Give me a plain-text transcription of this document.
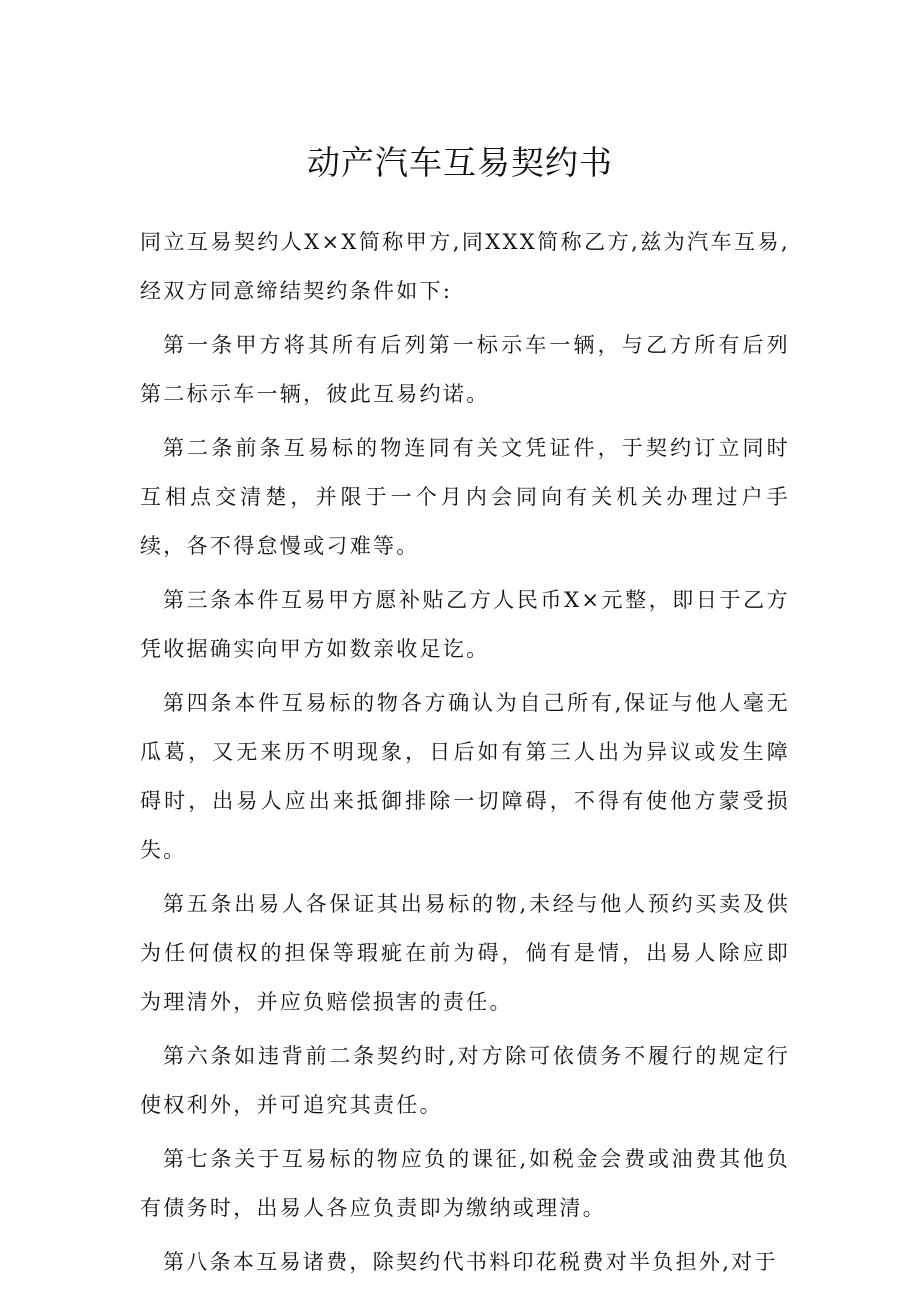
动产汽车互易契约书

同立互易契约人X×X简称甲方,同XXX简称乙方,兹为汽车互易,经双方同意缔结契约条件如下:

第一条甲方将其所有后列第一标示车一辆，与乙方所有后列第二标示车一辆，彼此互易约诺。

第二条前条互易标的物连同有关文凭证件，于契约订立同时互相点交清楚，并限于一个月内会同向有关机关办理过户手续，各不得怠慢或刁难等。

第三条本件互易甲方愿补贴乙方人民币X×元整，即日于乙方凭收据确实向甲方如数亲收足讫。

第四条本件互易标的物各方确认为自己所有,保证与他人毫无瓜葛，又无来历不明现象，日后如有第三人出为异议或发生障碍时，出易人应出来抵御排除一切障碍，不得有使他方蒙受损失。

第五条出易人各保证其出易标的物,未经与他人预约买卖及供为任何债权的担保等瑕疵在前为碍，倘有是情，出易人除应即为理清外，并应负赔偿损害的责任。

第六条如违背前二条契约时,对方除可依债务不履行的规定行使权利外，并可追究其责任。

第七条关于互易标的物应负的课征,如税金会费或油费其他负有债务时，出易人各应负责即为缴纳或理清。

第八条本互易诸费，除契约代书料印花税费对半负担外,对于
